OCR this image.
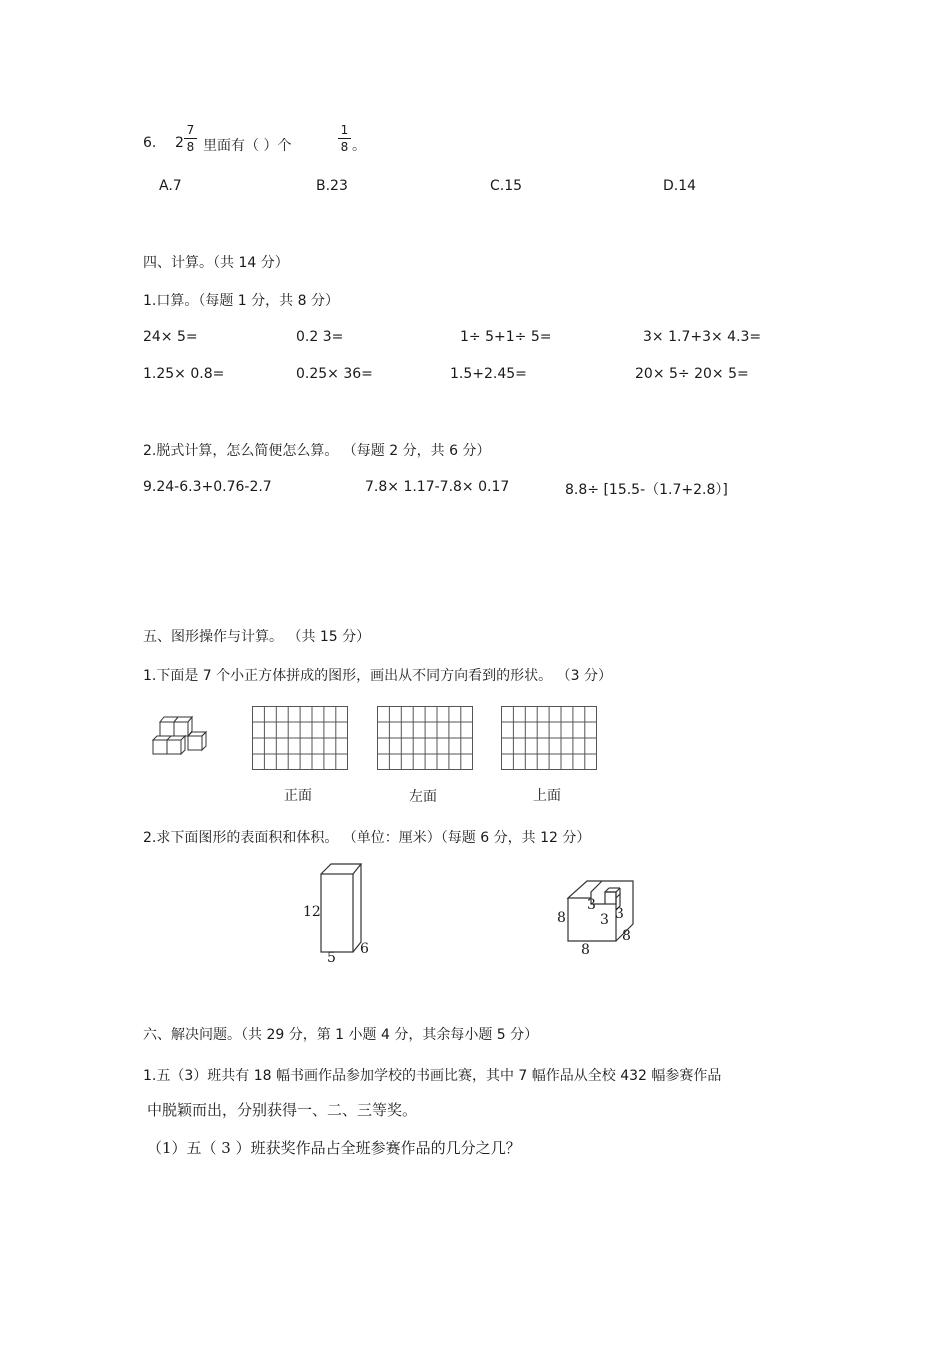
6. 2
7
8 里面有（ ）个
1
8 。
A.7	B.23	C.15	D.14
四、计算。（共 14 分）
1.口算。（每题 1 分，共 8 分）
24× 5=	0.2 3=	1÷ 5+1÷ 5=	3× 1.7+3× 4.3=
1.25× 0.8=	0.25× 36=	1.5+2.45=	20× 5÷ 20× 5=
2.脱式计算，怎么简便怎么算。 （每题 2 分，共 6 分）
9.24-6.3+0.76-2.7	7.8× 1.17-7.8× 0.17	8.8÷ [15.5-（1.7+2.8）]
五、图形操作与计算。 （共 15 分）
1.下面是 7 个小正方体拼成的图形，画出从不同方向看到的形状。 （3 分）
正面	左面	上面
2.求下面图形的表面积和体积。 （单位：厘米）（每题 6 分，共 12 分）
12
5
6
8
8
8
3
3 3
六、解决问题。（共 29 分，第 1 小题 4 分，其余每小题 5 分）
1.五（3）班共有 18 幅书画作品参加学校的书画比赛，其中 7 幅作品从全校 432 幅参赛作品
中脱颖而出，分别获得一、二、三等奖。
（1）五（ 3 ）班获奖作品占全班参赛作品的几分之几？
